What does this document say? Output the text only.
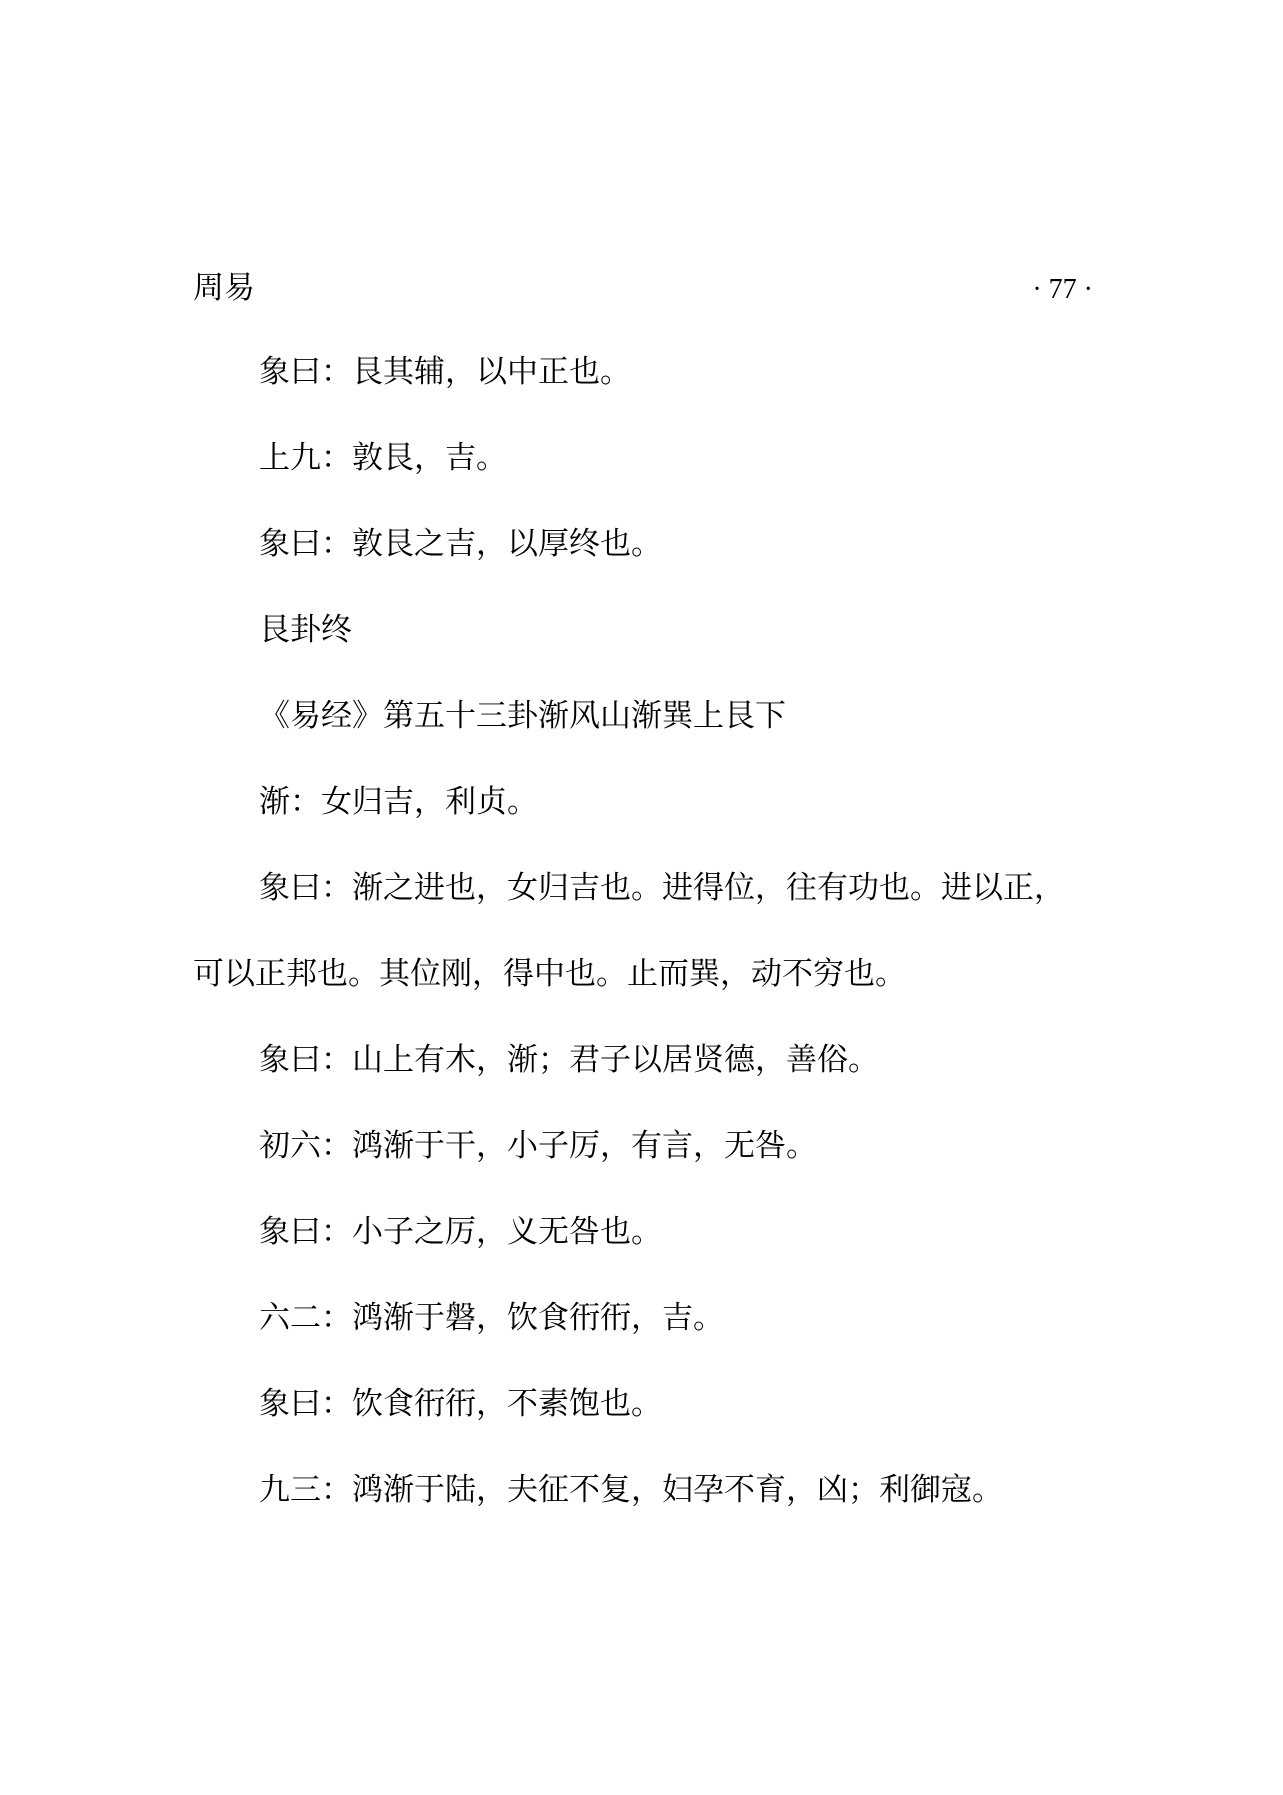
周易	· 77 ·

象曰：艮其辅，以中正也。

上九：敦艮，吉。

象曰：敦艮之吉，以厚终也。

艮卦终

《易经》第五十三卦渐风山渐巽上艮下

渐：女归吉，利贞。

象曰：渐之进也，女归吉也。进得位，往有功也。进以正，

可以正邦也。其位刚，得中也。止而巽，动不穷也。

象曰：山上有木，渐；君子以居贤德，善俗。

初六：鸿渐于干，小子厉，有言，无咎。

象曰：小子之厉，义无咎也。

六二：鸿渐于磐，饮食衎衎，吉。

象曰：饮食衎衎，不素饱也。

九三：鸿渐于陆，夫征不复，妇孕不育，凶；利御寇。
